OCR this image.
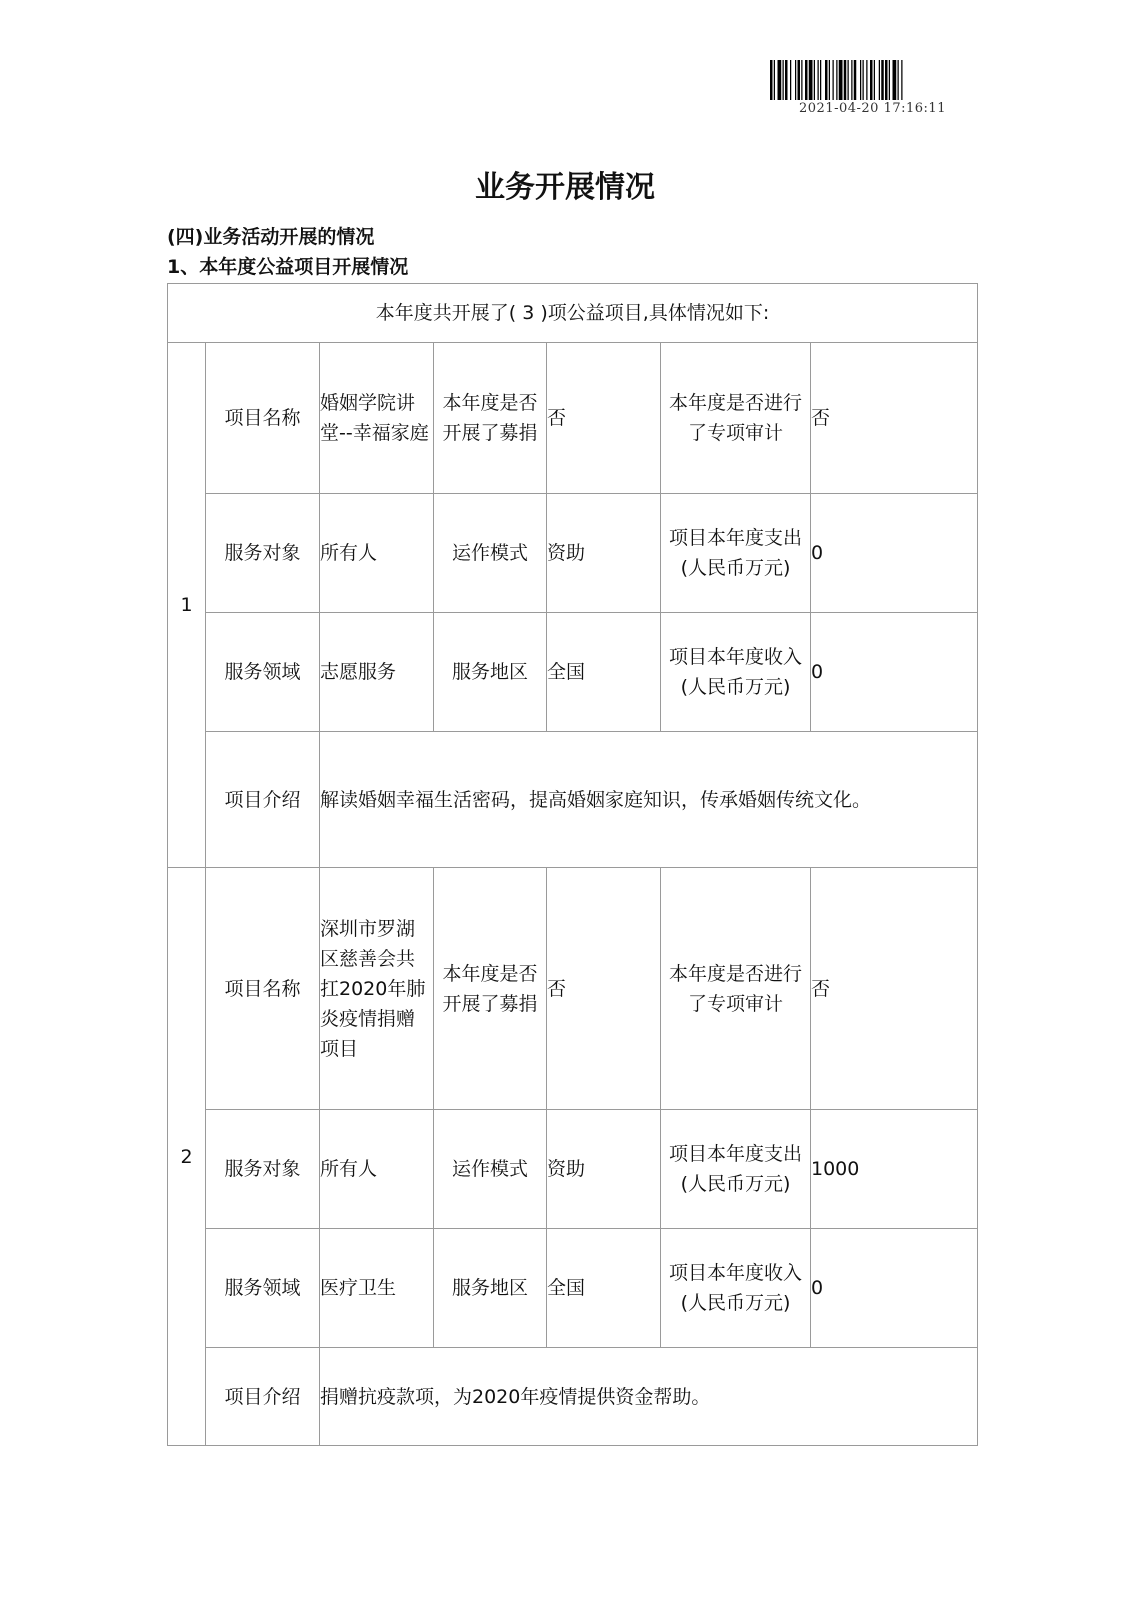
2021-04-20 17:16:11
业务开展情况
(四)业务活动开展的情况
1、本年度公益项目开展情况
本年度共开展了( 3 )项公益项目,具体情况如下:						
1	项目名称	婚姻学院讲堂--幸福家庭	本年度是否开展了募捐	否	本年度是否进行了专项审计	否
	服务对象	所有人	运作模式	资助	项目本年度支出(人民币万元)	0
	服务领域	志愿服务	服务地区	全国	项目本年度收入(人民币万元)	0
	项目介绍	解读婚姻幸福生活密码，提高婚姻家庭知识，传承婚姻传统文化。				
2	项目名称	深圳市罗湖区慈善会共扛2020年肺炎疫情捐赠项目	本年度是否开展了募捐	否	本年度是否进行了专项审计	否
	服务对象	所有人	运作模式	资助	项目本年度支出(人民币万元)	1000
	服务领域	医疗卫生	服务地区	全国	项目本年度收入(人民币万元)	0
	项目介绍	捐赠抗疫款项，为2020年疫情提供资金帮助。				
